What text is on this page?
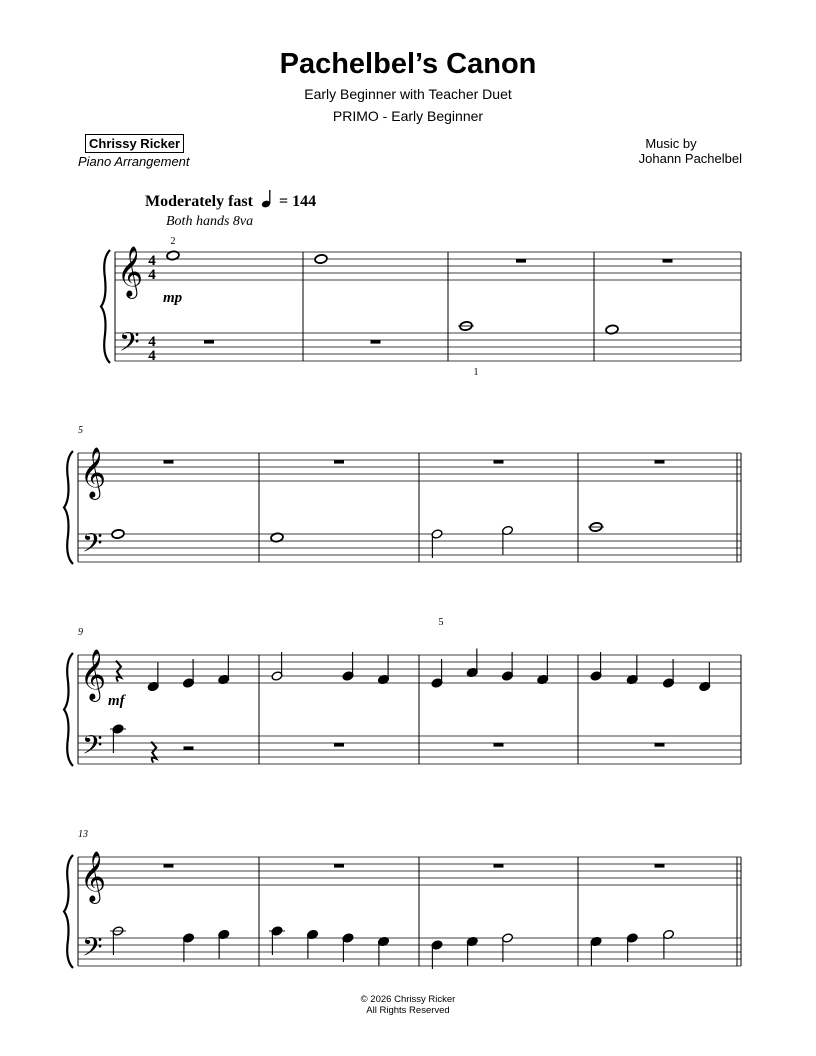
Pachelbel’s Canon
Early Beginner with Teacher Duet
PRIMO - Early Beginner
Chrissy Ricker
Piano Arrangement
Music by
Johann Pachelbel
Moderately fast = 144
Both hands 8va
𝄞
𝄢
4
4
4
4
2
mp
1
𝄞
𝄢
5
𝄞
𝄢
9
mf
5
𝄞
𝄢
13
© 2026 Chrissy Ricker
All Rights Reserved
